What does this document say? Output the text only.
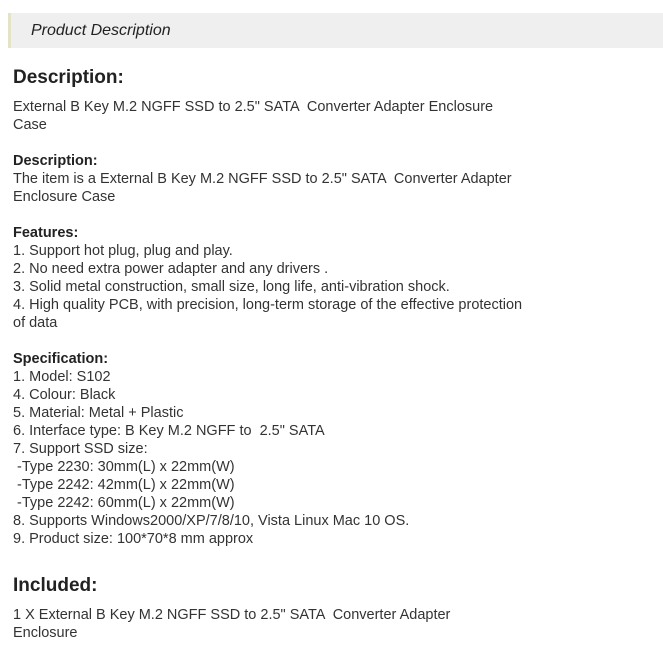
Product Description
Description:
External B Key M.2 NGFF SSD to 2.5" SATA  Converter Adapter Enclosure
Case
Description:
The item is a External B Key M.2 NGFF SSD to 2.5" SATA  Converter Adapter
Enclosure Case
Features:
1. Support hot plug, plug and play.
2. No need extra power adapter and any drivers .
3. Solid metal construction, small size, long life, anti-vibration shock.
4. High quality PCB, with precision, long-term storage of the effective protection
of data
Specification:
1. Model: S102
4. Colour: Black
5. Material: Metal + Plastic
6. Interface type: B Key M.2 NGFF to  2.5" SATA
7. Support SSD size:
-Type 2230: 30mm(L) x 22mm(W)
-Type 2242: 42mm(L) x 22mm(W)
-Type 2242: 60mm(L) x 22mm(W)
8. Supports Windows2000/XP/7/8/10, Vista Linux Mac 10 OS.
9. Product size: 100*70*8 mm approx
Included:
1 X External B Key M.2 NGFF SSD to 2.5" SATA  Converter Adapter
Enclosure
